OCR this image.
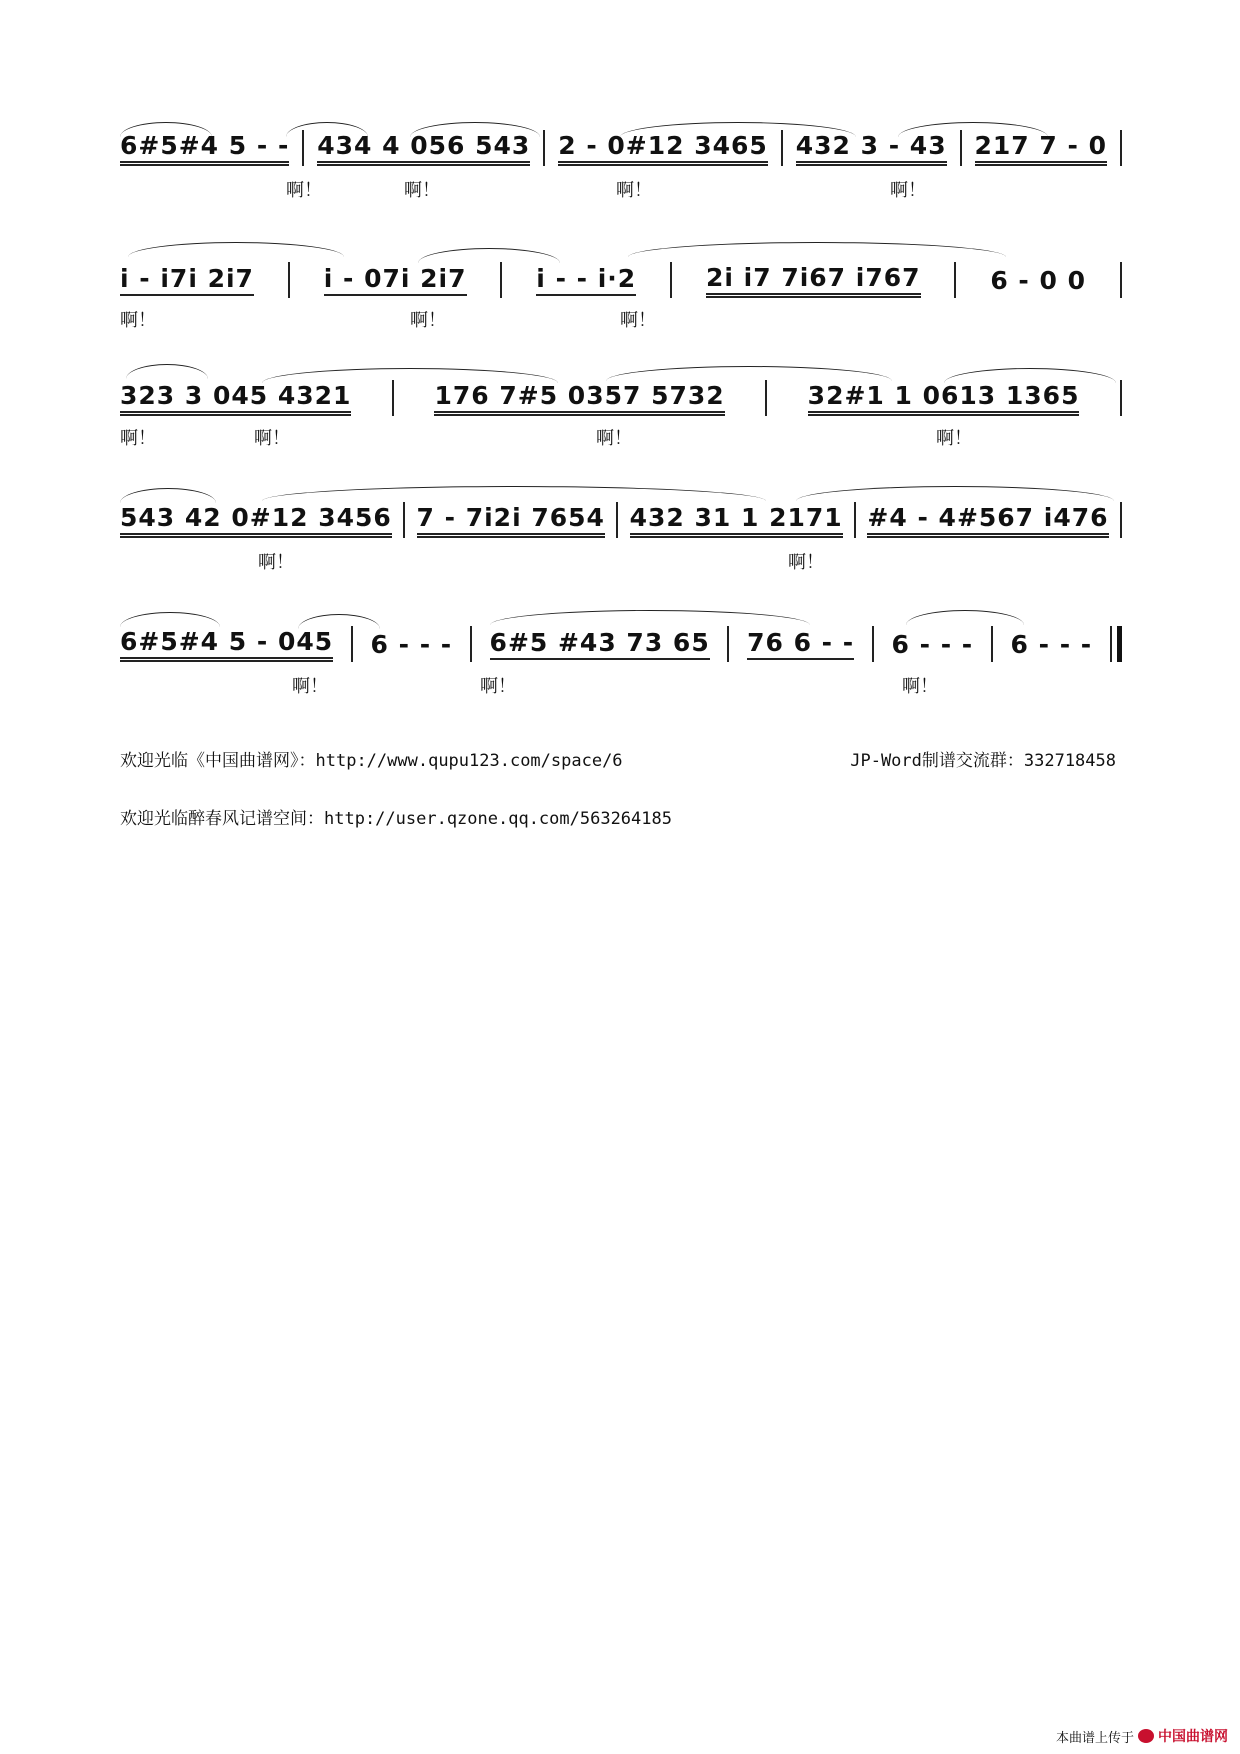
6#5#4 5 - - 434 4 056 543 2 - 0#12 3465 432 3 - 43 217 7 - 0
啊！	啊！	啊！	啊！
i - i7i 2i7	i - 07i 2i7	i - - i·2	2i i7 7i67 i767	6 - 0 0
啊！	啊！	啊！
323 3 045 4321	176 7#5 0357 5732	32#1 1 0613 1365
啊！	啊！	啊！	啊！
543 42 0#12 3456 7 - 7i2i 7654 432 31 1 2171 #4 - 4#567 i476
啊！	啊！
6#5#4 5 - 045 6 - - - 6#5 #43 73 65 76 6 - - 6 - - - 6 - - -
啊！	啊！	啊！
欢迎光临《中国曲谱网》：http://www.qupu123.com/space/6	JP-Word制谱交流群：332718458
欢迎光临醉春风记谱空间：http://user.qzone.qq.com/563264185
本曲谱上传于 中国曲谱网
